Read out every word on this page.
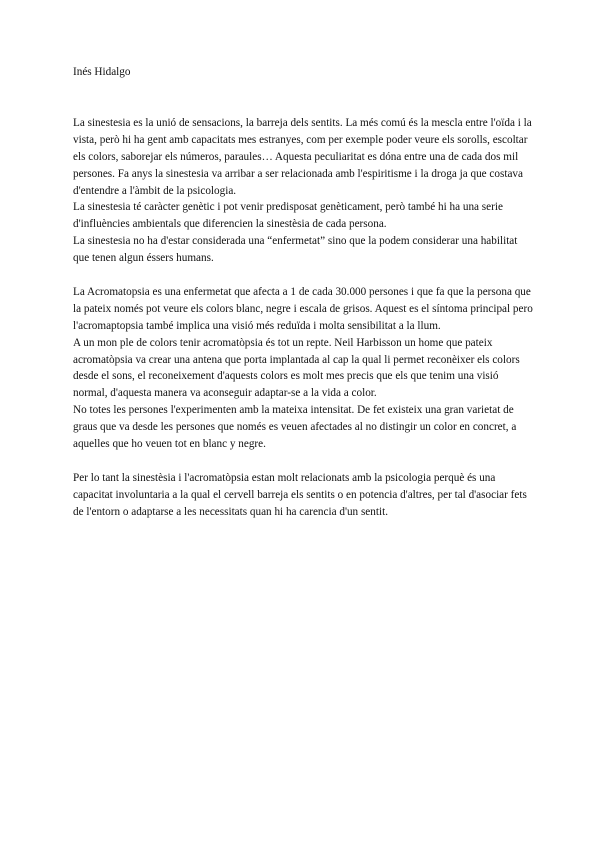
Inés Hidalgo

La sinestesia es la unió de sensacions, la barreja dels sentits. La més comú és la mescla entre l'oïda i la vista, però hi ha gent amb capacitats mes estranyes, com per exemple poder veure els sorolls, escoltar els colors, saborejar els números, paraules… Aquesta peculiaritat es dóna entre una de cada dos mil persones. Fa anys la sinestesia va arribar a ser relacionada amb l'espiritisme i la droga ja que costava d'entendre a l'àmbit de la psicologia.

La sinestesia té caràcter genètic i pot venir predisposat genèticament, però també hi ha una serie d'influències ambientals que diferencien la sinestèsia de cada persona.

La sinestesia no ha d'estar considerada una “enfermetat” sino que la podem considerar una habilitat que tenen algun éssers humans.

La Acromatopsia es una enfermetat que afecta a 1 de cada 30.000 persones i que fa que la persona que la pateix només pot veure els colors blanc, negre i escala de grisos. Aquest es el síntoma principal pero l'acromaptopsia també implica una visió més reduïda i molta sensibilitat a la llum.

A un mon ple de colors tenir acromatòpsia és tot un repte. Neil Harbisson un home que pateix acromatòpsia va crear una antena que porta implantada al cap la qual li permet reconèixer els colors desde el sons, el reconeixement d'aquests colors es molt mes precis que els que tenim una visió normal, d'aquesta manera va aconseguir adaptar-se a la vida a color.

No totes les persones l'experimenten amb la mateixa intensitat. De fet existeix una gran varietat de graus que va desde les persones que només es veuen afectades al no distingir un color en concret, a aquelles que ho veuen tot en blanc y negre.

Per lo tant la sinestèsia i l'acromatòpsia estan molt relacionats amb la psicologia perquè és una capacitat involuntaria a la qual el cervell barreja els sentits o en potencia d'altres, per tal d'asociar fets de l'entorn o adaptarse a les necessitats quan hi ha carencia d'un sentit.
